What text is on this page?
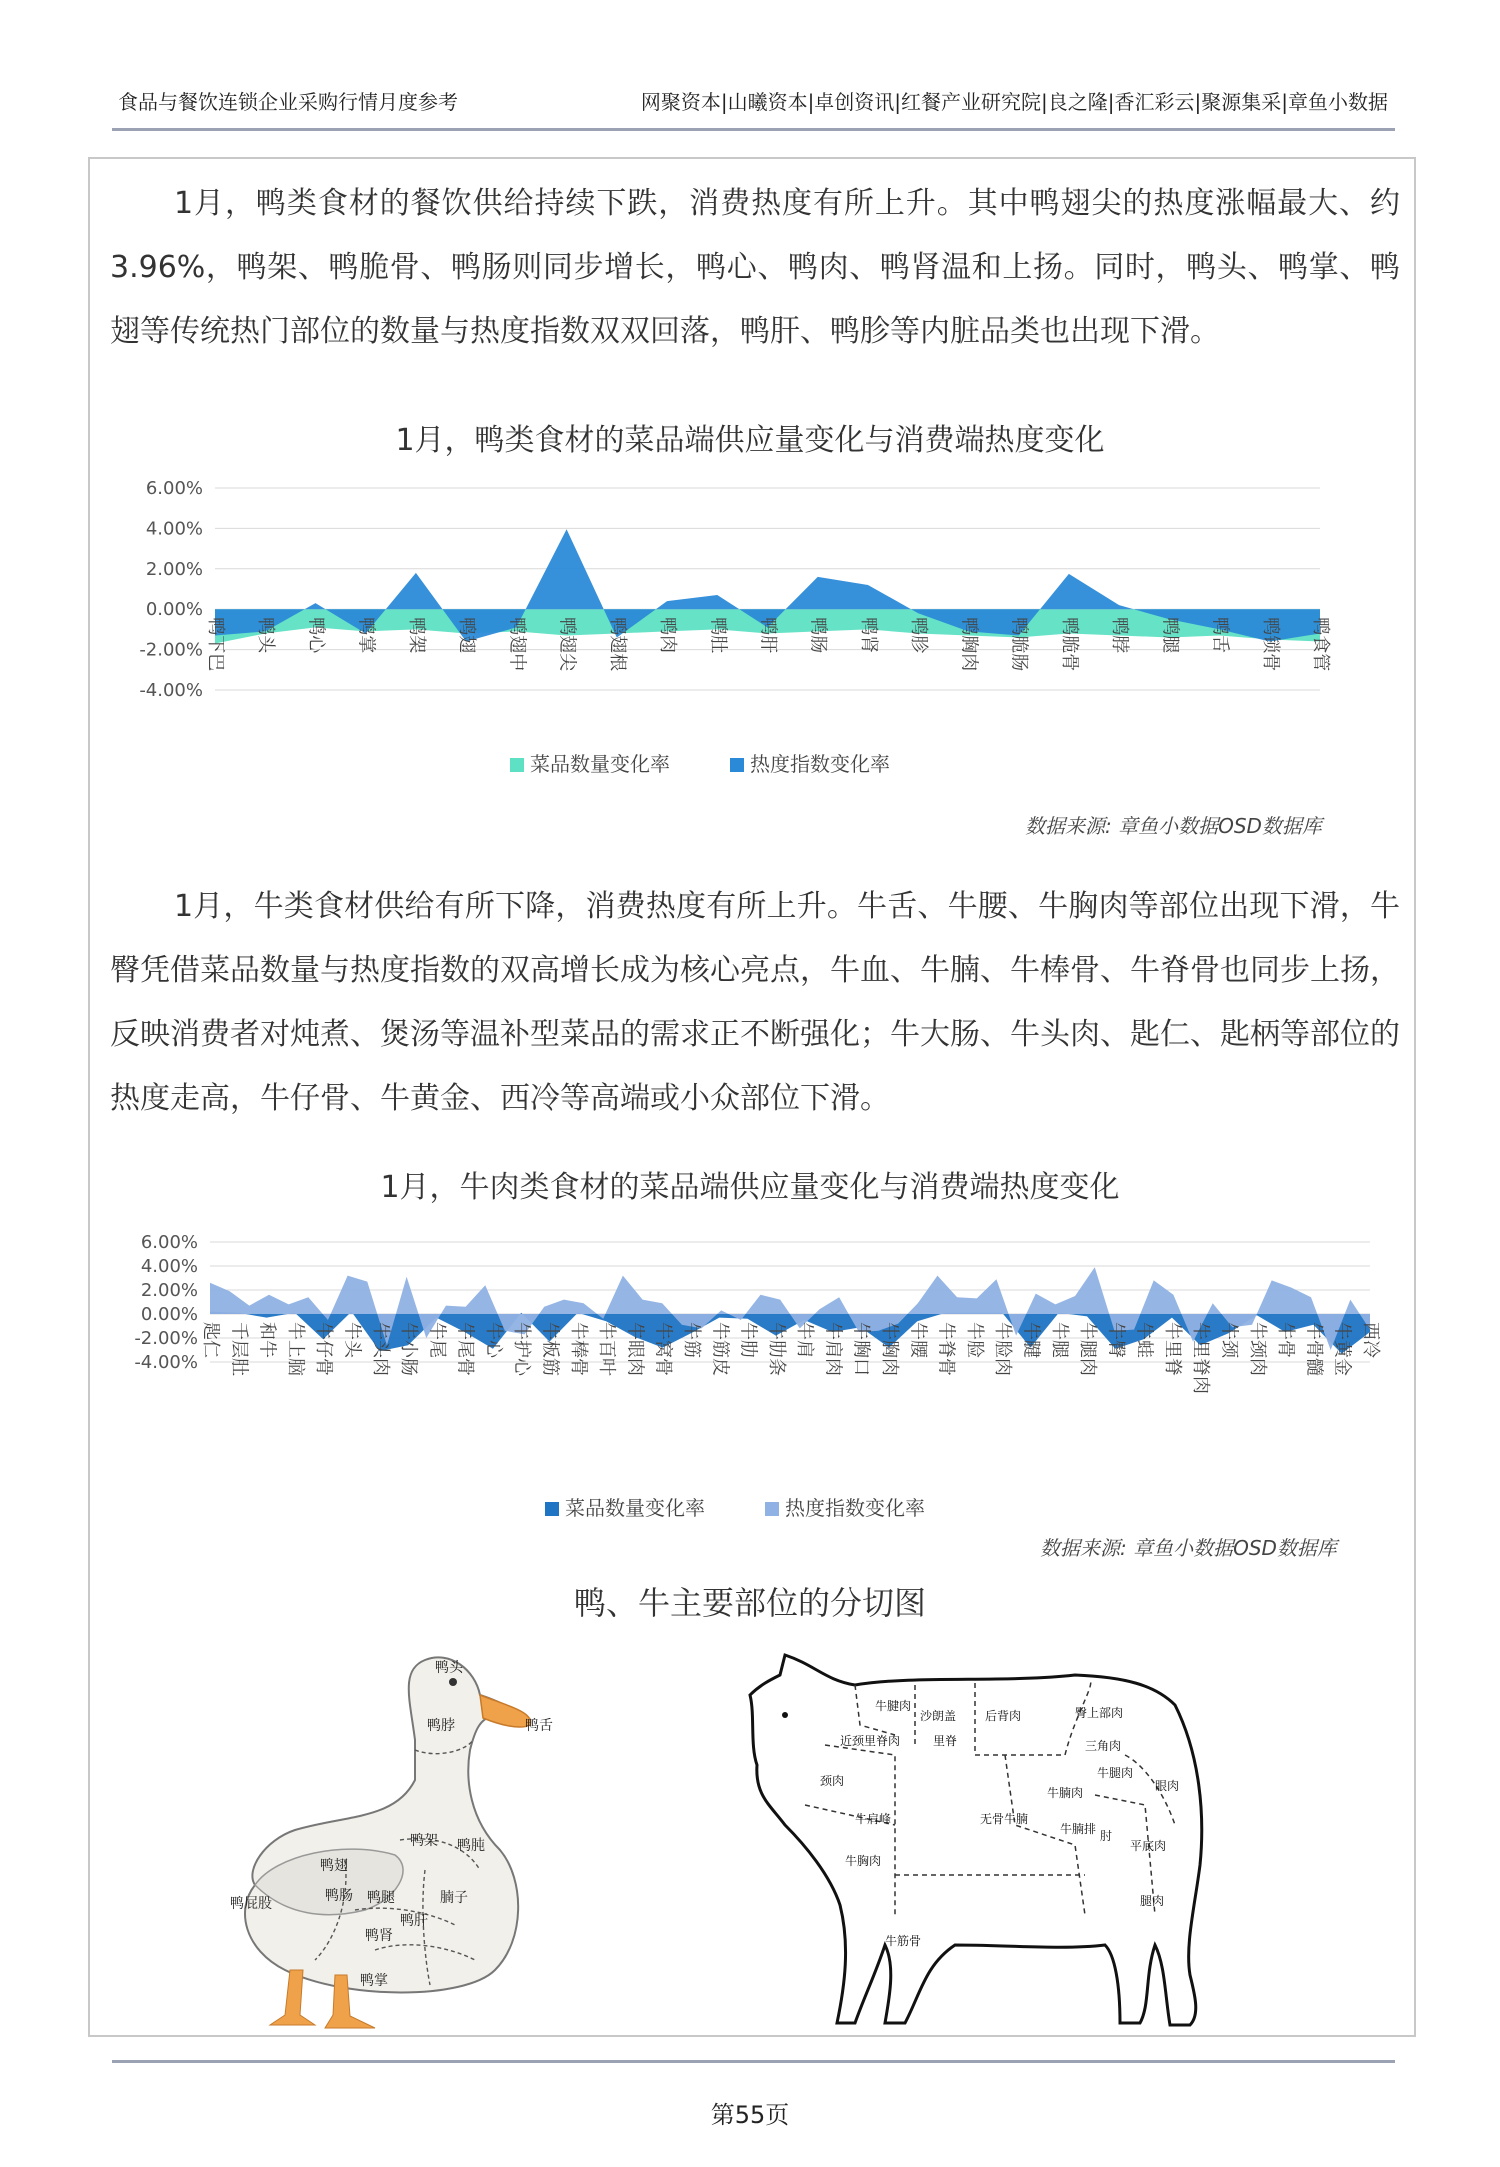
食品与餐饮连锁企业采购行情月度参考	网聚资本|山曦资本|卓创资讯|红餐产业研究院|良之隆|香汇彩云|聚源集采|章鱼小数据
1月，鸭类食材的餐饮供给持续下跌，消费热度有所上升。其中鸭翅尖的热度涨幅最大、约3.96%，鸭架、鸭脆骨、鸭肠则同步增长，鸭心、鸭肉、鸭肾温和上扬。同时，鸭头、鸭掌、鸭翅等传统热门部位的数量与热度指数双双回落，鸭肝、鸭胗等内脏品类也出现下滑。
1月，鸭类食材的菜品端供应量变化与消费端热度变化
6.00%
4.00%
2.00%
0.00%
-2.00%
-4.00%
鸭下巴 鸭头 鸭心 鸭掌 鸭架 鸭翅 鸭翅中 鸭翅尖 鸭翅根 鸭肉 鸭肚 鸭肝 鸭肠 鸭肾 鸭胗 鸭胸肉 鸭脆肠 鸭脆骨 鸭脖 鸭腿 鸭舌 鸭锁骨 鸭食管
菜品数量变化率	热度指数变化率
数据来源: 章鱼小数据OSD数据库
1月，牛类食材供给有所下降，消费热度有所上升。牛舌、牛腰、牛胸肉等部位出现下滑，牛臀凭借菜品数量与热度指数的双高增长成为核心亮点，牛血、牛腩、牛棒骨、牛脊骨也同步上扬，反映消费者对炖煮、煲汤等温补型菜品的需求正不断强化；牛大肠、牛头肉、匙仁、匙柄等部位的热度走高，牛仔骨、牛黄金、西冷等高端或小众部位下滑。
1月，牛肉类食材的菜品端供应量变化与消费端热度变化
6.00%
4.00%
2.00%
0.00%
-2.00%
-4.00%
匙仁 千层肚 和牛 牛上脑 牛仔骨 牛头 牛头肉 牛小肠 牛尾 牛尾骨 牛心 牛护心 牛板筋 牛棒骨 牛百叶 牛眼肉 牛窝骨 牛筋 牛筋皮 牛肋 牛肋条 牛肩 牛肩肉 牛胸口 牛胸肉 牛腰 牛脊骨 牛脸 牛脸肉 牛腱 牛腿 牛腿肉 牛臀 牛蛙 牛里脊 牛里脊肉 牛颈 牛颈肉 牛骨 牛骨髓 牛黄金 西冷
菜品数量变化率	热度指数变化率
数据来源: 章鱼小数据OSD数据库
鸭、牛主要部位的分切图
鸭头
鸭舌
鸭脖
鸭架 鸭肫
鸭翅
鸭肠 鸭腿	腩子
鸭肝
鸭肾
鸭屁股
鸭掌
牛腱肉
沙朗盖 后背肉	臀上部肉
近颈里脊肉	里脊	三角肉
颈肉
牛腿肉
眼肉
牛腩肉
牛肩峰	无骨牛腩
牛腩排 肘
平底肉
牛胸肉
腿肉
牛筋骨
第55页
